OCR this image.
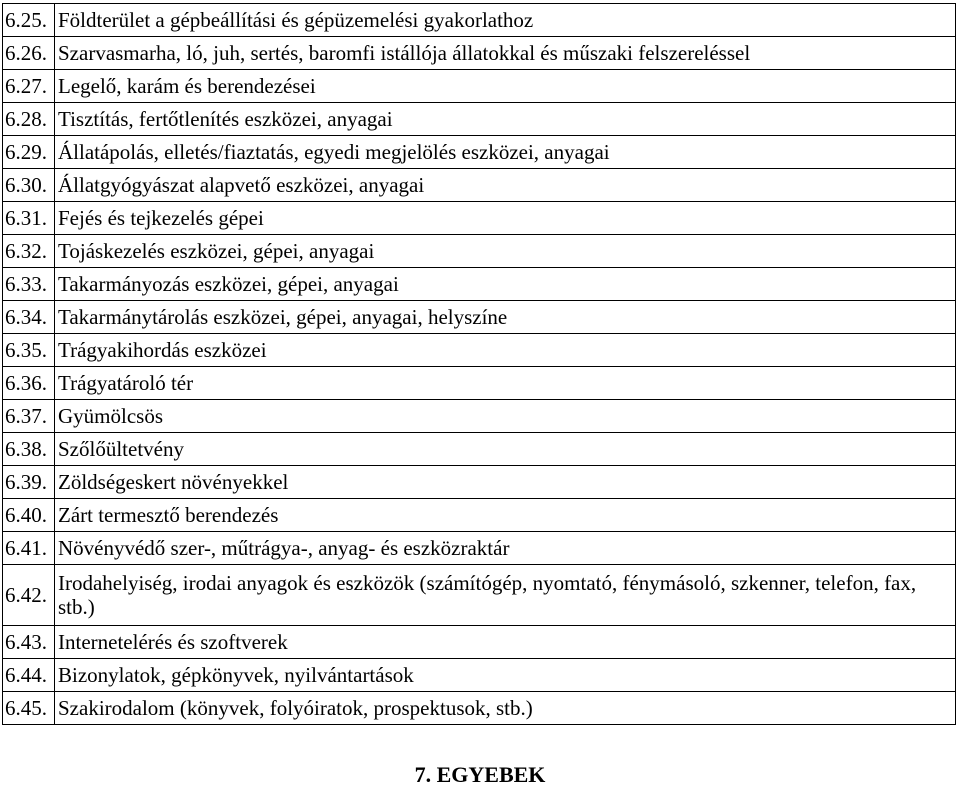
6.25.	Földterület a gépbeállítási és gépüzemelési gyakorlathoz
6.26.	Szarvasmarha, ló, juh, sertés, baromfi istállója állatokkal és műszaki felszereléssel
6.27.	Legelő, karám és berendezései
6.28.	Tisztítás, fertőtlenítés eszközei, anyagai
6.29.	Állatápolás, elletés/fiaztatás, egyedi megjelölés eszközei, anyagai
6.30.	Állatgyógyászat alapvető eszközei, anyagai
6.31.	Fejés és tejkezelés gépei
6.32.	Tojáskezelés eszközei, gépei, anyagai
6.33.	Takarmányozás eszközei, gépei, anyagai
6.34.	Takarmánytárolás eszközei, gépei, anyagai, helyszíne
6.35.	Trágyakihordás eszközei
6.36.	Trágyatároló tér
6.37.	Gyümölcsös
6.38.	Szőlőültetvény
6.39.	Zöldségeskert növényekkel
6.40.	Zárt termesztő berendezés
6.41.	Növényvédő szer-, műtrágya-, anyag- és eszközraktár
6.42.	Irodahelyiség, irodai anyagok és eszközök (számítógép, nyomtató, fénymásoló, szkenner, telefon, fax, stb.)
6.43.	Internetelérés és szoftverek
6.44.	Bizonylatok, gépkönyvek, nyilvántartások
6.45.	Szakirodalom (könyvek, folyóiratok, prospektusok, stb.)
7. EGYEBEK
